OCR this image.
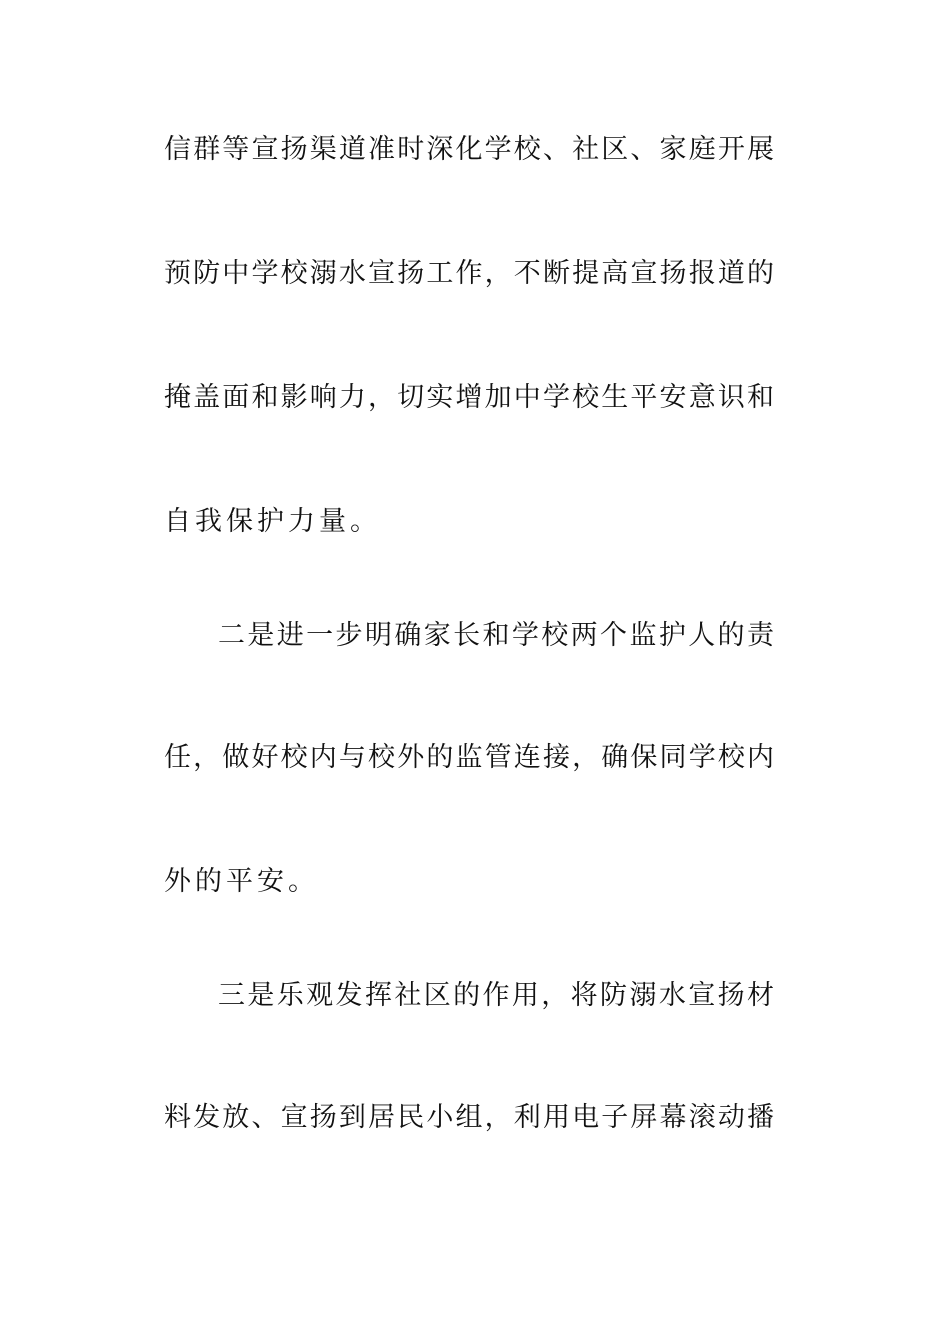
信群等宣扬渠道准时深化学校、社区、家庭开展

预防中学校溺水宣扬工作，不断提高宣扬报道的

掩盖面和影响力，切实增加中学校生平安意识和

自我保护力量。

二是进一步明确家长和学校两个监护人的责

任，做好校内与校外的监管连接，确保同学校内

外的平安。

三是乐观发挥社区的作用，将防溺水宣扬材

料发放、宣扬到居民小组，利用电子屏幕滚动播
